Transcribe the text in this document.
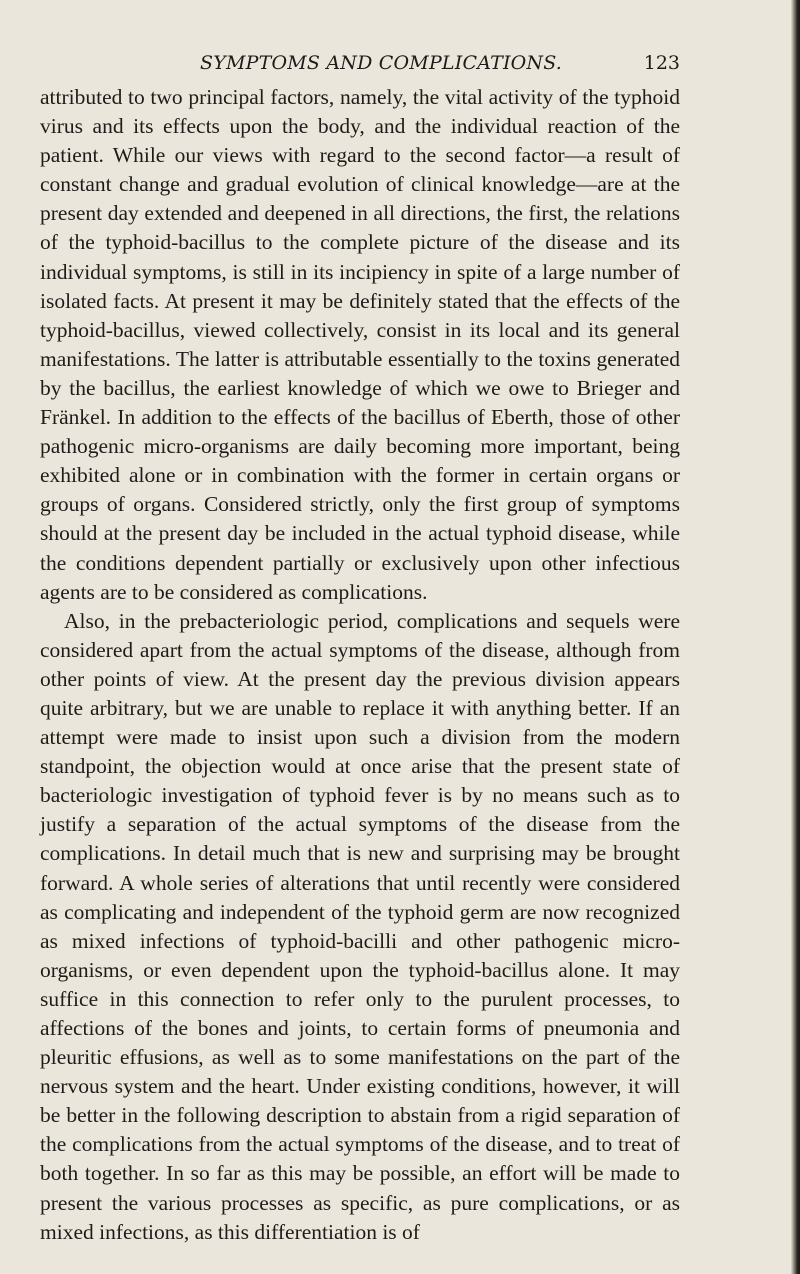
SYMPTOMS AND COMPLICATIONS.	123

attributed to two principal factors, namely, the vital activity of the typhoid virus and its effects upon the body, and the individual reaction of the patient. While our views with regard to the second factor—a result of constant change and gradual evolution of clinical knowledge—are at the present day extended and deepened in all directions, the first, the relations of the typhoid-bacillus to the complete picture of the disease and its individual symptoms, is still in its incipiency in spite of a large number of isolated facts. At present it may be definitely stated that the effects of the typhoid-bacillus, viewed collectively, consist in its local and its general manifestations. The latter is attributable essentially to the toxins generated by the bacillus, the earliest knowledge of which we owe to Brieger and Fränkel. In addition to the effects of the bacillus of Eberth, those of other pathogenic micro-organisms are daily becoming more important, being exhibited alone or in combination with the former in certain organs or groups of organs. Considered strictly, only the first group of symptoms should at the present day be included in the actual typhoid disease, while the conditions dependent partially or exclusively upon other infectious agents are to be considered as complications.

Also, in the prebacteriologic period, complications and sequels were considered apart from the actual symptoms of the disease, although from other points of view. At the present day the previous division appears quite arbitrary, but we are unable to replace it with anything better. If an attempt were made to insist upon such a division from the modern standpoint, the objection would at once arise that the present state of bacteriologic investigation of typhoid fever is by no means such as to justify a separation of the actual symptoms of the disease from the complications. In detail much that is new and surprising may be brought forward. A whole series of alterations that until recently were considered as complicating and independent of the typhoid germ are now recognized as mixed infections of typhoid-bacilli and other pathogenic micro-organisms, or even dependent upon the typhoid-bacillus alone. It may suffice in this connection to refer only to the purulent processes, to affections of the bones and joints, to certain forms of pneumonia and pleuritic effusions, as well as to some manifestations on the part of the nervous system and the heart. Under existing conditions, however, it will be better in the following description to abstain from a rigid separation of the complications from the actual symptoms of the disease, and to treat of both together. In so far as this may be possible, an effort will be made to present the various processes as specific, as pure complications, or as mixed infections, as this differentiation is of
